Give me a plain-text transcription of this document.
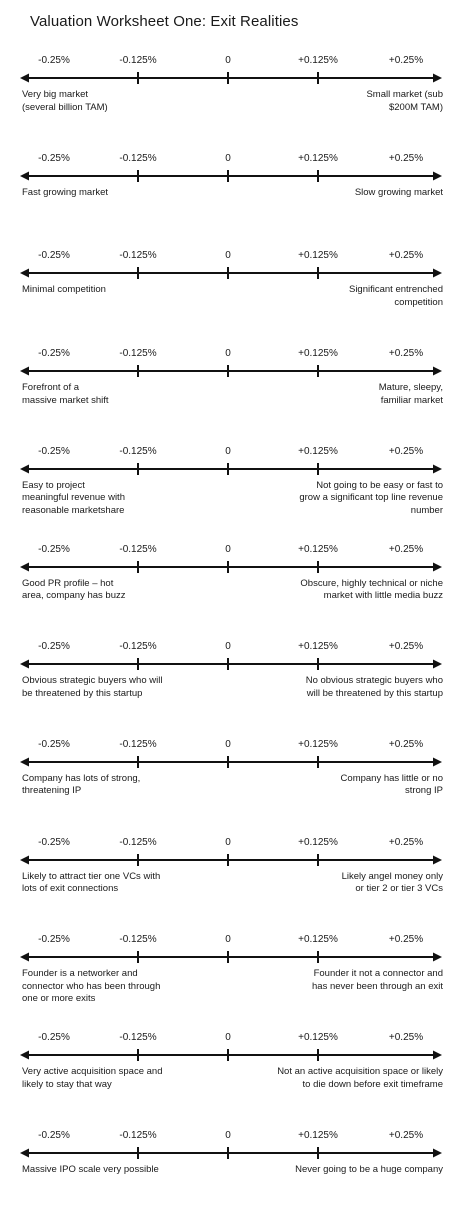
Valuation Worksheet One: Exit Realities
-0.25%	-0.125%	0	+0.125%	+0.25%
Very big market
(several billion TAM)
Small market (sub
$200M TAM)
-0.25%	-0.125%	0	+0.125%	+0.25%
Fast growing market	Slow growing market
-0.25%	-0.125%	0	+0.125%	+0.25%
Minimal competition	Significant entrenched
competition
-0.25%	-0.125%	0	+0.125%	+0.25%
Forefront of a
massive market shift
Mature, sleepy,
familiar market
-0.25%	-0.125%	0	+0.125%	+0.25%
Easy to project
meaningful revenue with
reasonable marketshare
Not going to be easy or fast to
grow a significant top line revenue
number
-0.25%	-0.125%	0	+0.125%	+0.25%
Good PR profile – hot
area, company has buzz
Obscure, highly technical or niche
market with little media buzz
-0.25%	-0.125%	0	+0.125%	+0.25%
Obvious strategic buyers who will
be threatened by this startup
No obvious strategic buyers who
will be threatened by this startup
-0.25%	-0.125%	0	+0.125%	+0.25%
Company has lots of strong,
threatening IP
Company has little or no
strong IP
-0.25%	-0.125%	0	+0.125%	+0.25%
Likely to attract tier one VCs with
lots of exit connections
Likely angel money only
or tier 2 or tier 3 VCs
-0.25%	-0.125%	0	+0.125%	+0.25%
Founder is a networker and
connector who has been through
one or more exits
Founder it not a connector and
has never been through an exit
-0.25%	-0.125%	0	+0.125%	+0.25%
Very active acquisition space and
likely to stay that way
Not an active acquisition space or likely
to die down before exit timeframe
-0.25%	-0.125%	0	+0.125%	+0.25%
Massive IPO scale very possible	Never going to be a huge company
